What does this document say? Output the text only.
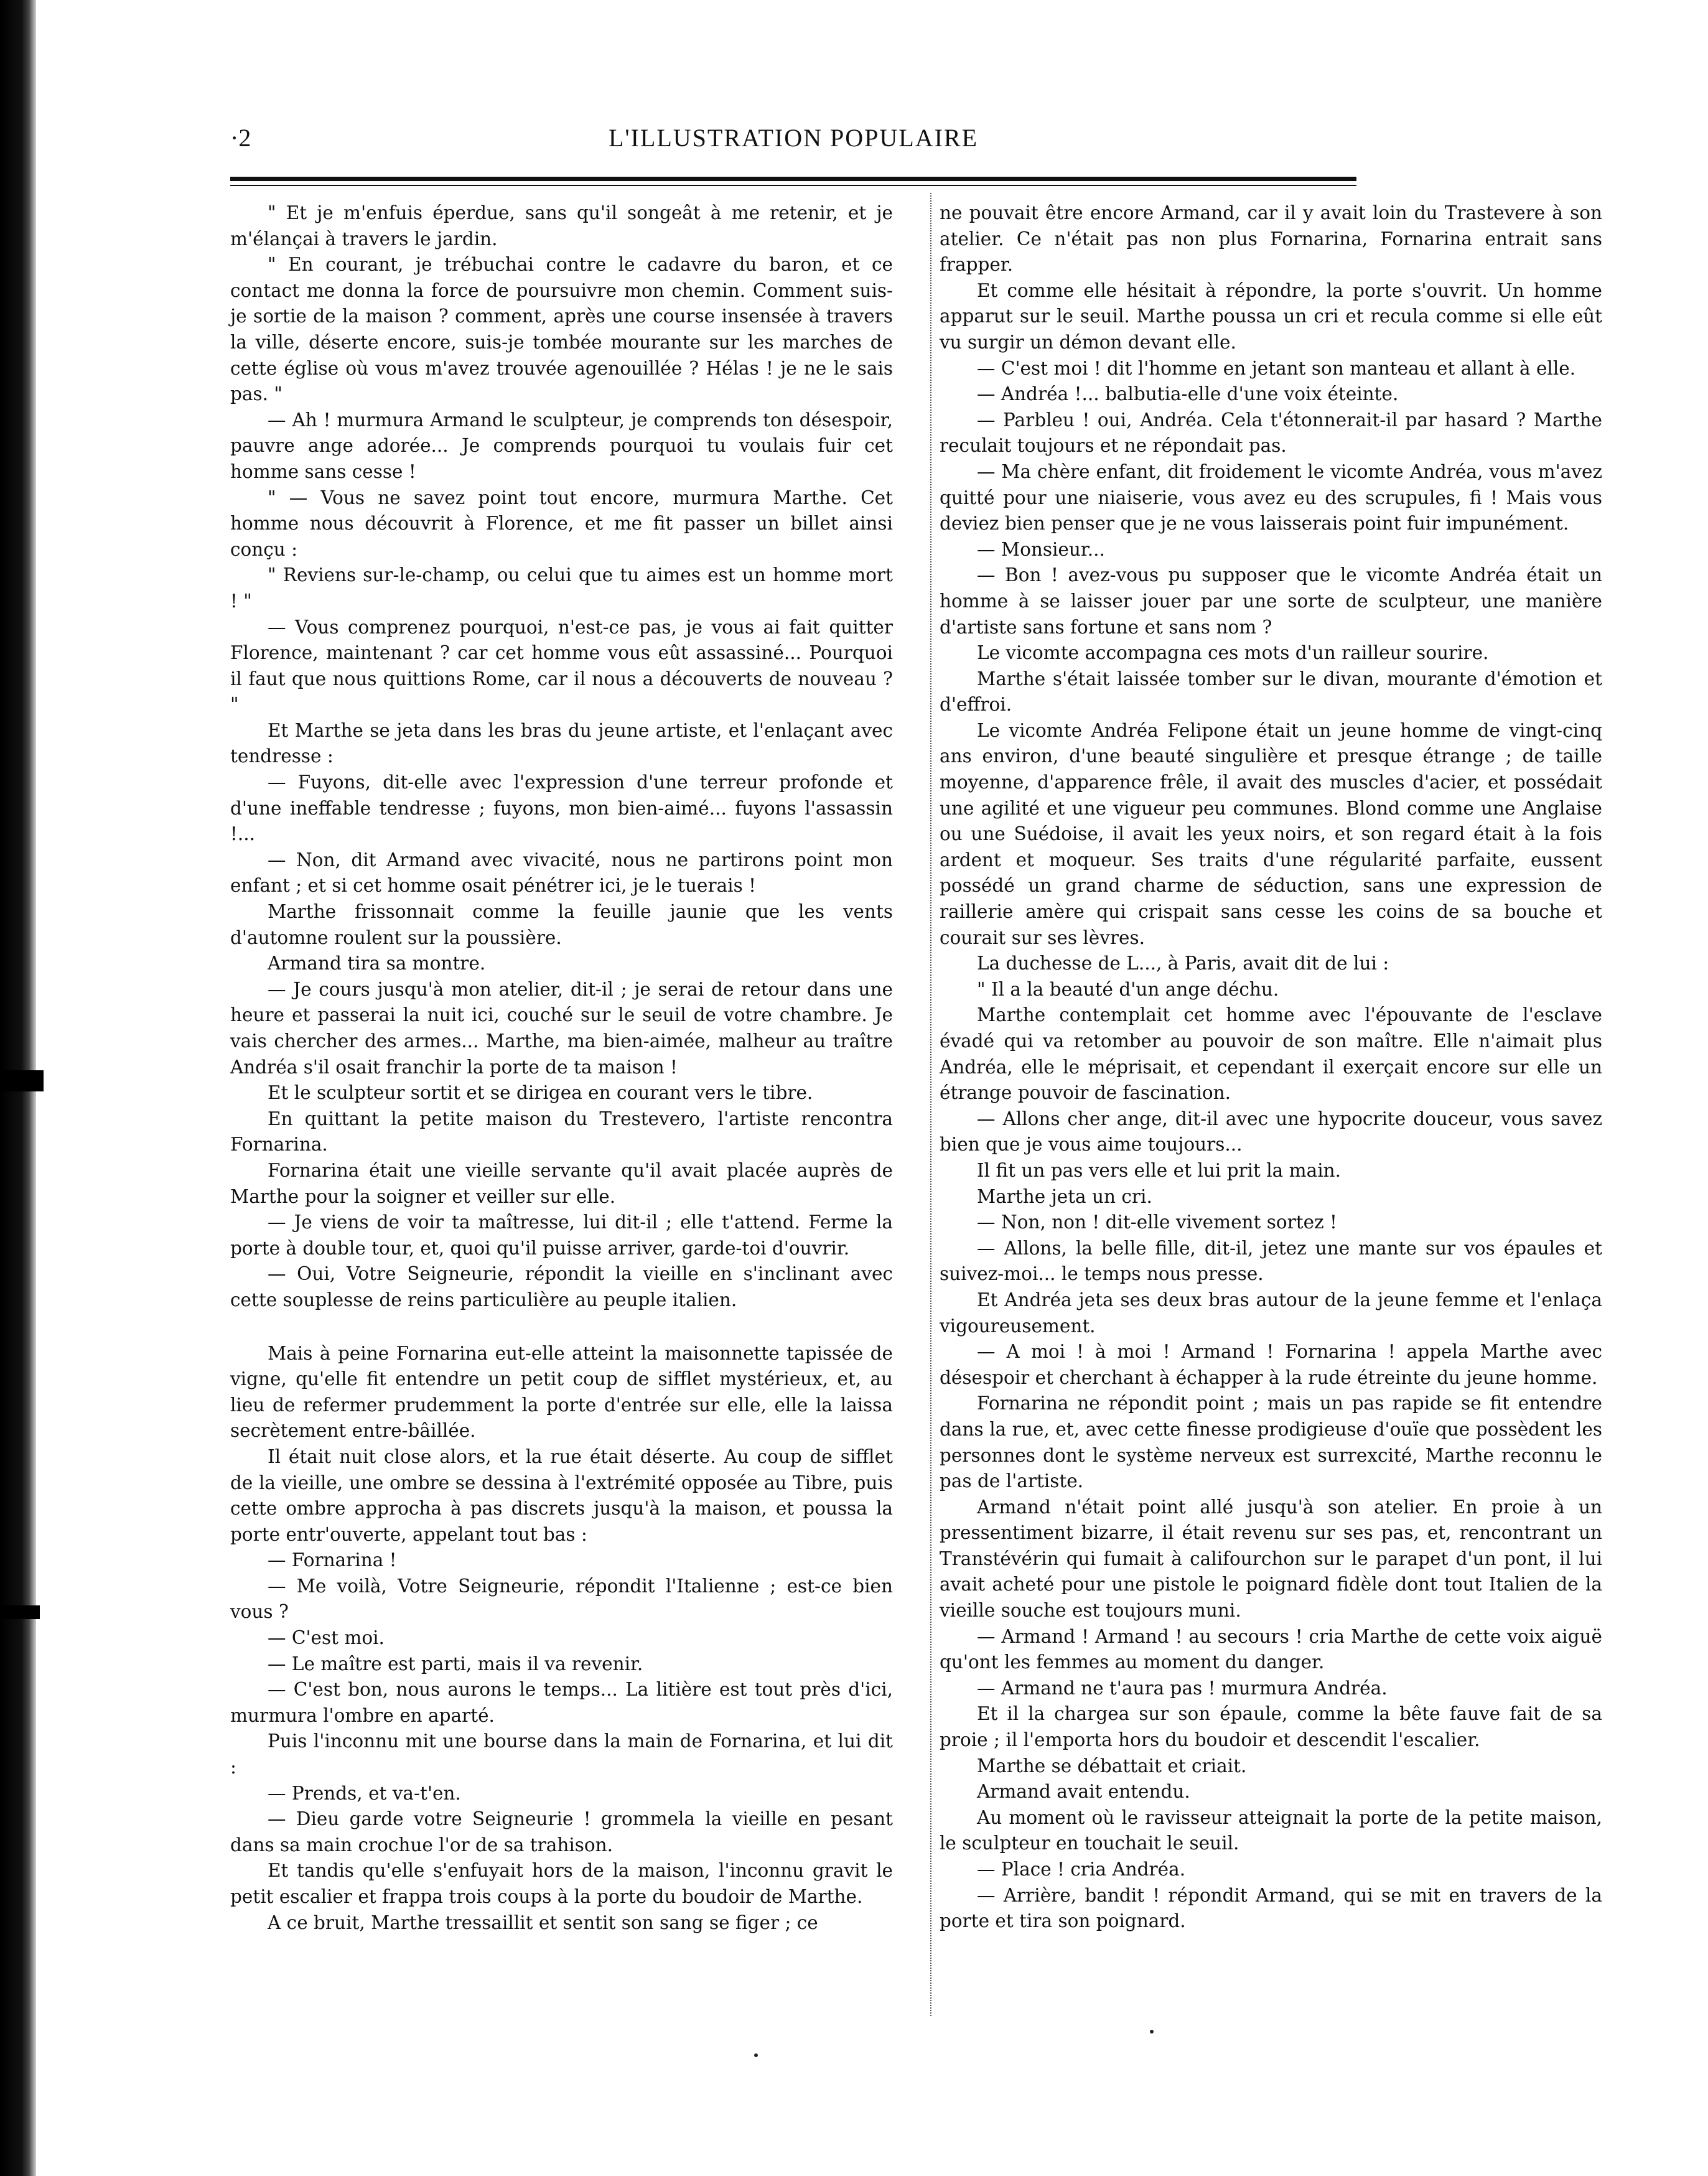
·2	L'ILLUSTRATION POPULAIRE

" Et je m'enfuis éperdue, sans qu'il songeât à me retenir, et je m'élançai à travers le jardin.

" En courant, je trébuchai contre le cadavre du baron, et ce contact me donna la force de poursuivre mon chemin. Comment suis-je sortie de la maison ? comment, après une course insensée à travers la ville, déserte encore, suis-je tombée mourante sur les marches de cette église où vous m'avez trouvée agenouillée ? Hélas ! je ne le sais pas. "

— Ah ! murmura Armand le sculpteur, je comprends ton désespoir, pauvre ange adorée... Je comprends pourquoi tu voulais fuir cet homme sans cesse !

" — Vous ne savez point tout encore, murmura Marthe. Cet homme nous découvrit à Florence, et me fit passer un billet ainsi conçu :

" Reviens sur-le-champ, ou celui que tu aimes est un homme mort ! "

— Vous comprenez pourquoi, n'est-ce pas, je vous ai fait quitter Florence, maintenant ? car cet homme vous eût assassiné... Pourquoi il faut que nous quittions Rome, car il nous a découverts de nouveau ? "

Et Marthe se jeta dans les bras du jeune artiste, et l'enlaçant avec tendresse :

— Fuyons, dit-elle avec l'expression d'une terreur profonde et d'une ineffable tendresse ; fuyons, mon bien-aimé... fuyons l'assassin !...

— Non, dit Armand avec vivacité, nous ne partirons point mon enfant ; et si cet homme osait pénétrer ici, je le tuerais !

Marthe frissonnait comme la feuille jaunie que les vents d'automne roulent sur la poussière.

Armand tira sa montre.

— Je cours jusqu'à mon atelier, dit-il ; je serai de retour dans une heure et passerai la nuit ici, couché sur le seuil de votre chambre. Je vais chercher des armes... Marthe, ma bien-aimée, malheur au traître Andréa s'il osait franchir la porte de ta maison !

Et le sculpteur sortit et se dirigea en courant vers le tibre.

En quittant la petite maison du Trestevero, l'artiste rencontra Fornarina.

Fornarina était une vieille servante qu'il avait placée auprès de Marthe pour la soigner et veiller sur elle.

— Je viens de voir ta maîtresse, lui dit-il ; elle t'attend. Ferme la porte à double tour, et, quoi qu'il puisse arriver, garde-toi d'ouvrir.

— Oui, Votre Seigneurie, répondit la vieille en s'inclinant avec cette souplesse de reins particulière au peuple italien.

Mais à peine Fornarina eut-elle atteint la maisonnette tapissée de vigne, qu'elle fit entendre un petit coup de sifflet mystérieux, et, au lieu de refermer prudemment la porte d'entrée sur elle, elle la laissa secrètement entre-bâillée.

Il était nuit close alors, et la rue était déserte. Au coup de sifflet de la vieille, une ombre se dessina à l'extrémité opposée au Tibre, puis cette ombre approcha à pas discrets jusqu'à la maison, et poussa la porte entr'ouverte, appelant tout bas :

— Fornarina !

— Me voilà, Votre Seigneurie, répondit l'Italienne ; est-ce bien vous ?

— C'est moi.

— Le maître est parti, mais il va revenir.

— C'est bon, nous aurons le temps... La litière est tout près d'ici, murmura l'ombre en aparté.

Puis l'inconnu mit une bourse dans la main de Fornarina, et lui dit :

— Prends, et va-t'en.

— Dieu garde votre Seigneurie ! grommela la vieille en pesant dans sa main crochue l'or de sa trahison.

Et tandis qu'elle s'enfuyait hors de la maison, l'inconnu gravit le petit escalier et frappa trois coups à la porte du boudoir de Marthe.

A ce bruit, Marthe tressaillit et sentit son sang se figer ; ce

ne pouvait être encore Armand, car il y avait loin du Trastevere à son atelier. Ce n'était pas non plus Fornarina, Fornarina entrait sans frapper.

Et comme elle hésitait à répondre, la porte s'ouvrit. Un homme apparut sur le seuil. Marthe poussa un cri et recula comme si elle eût vu surgir un démon devant elle.

— C'est moi ! dit l'homme en jetant son manteau et allant à elle.

— Andréa !... balbutia-elle d'une voix éteinte.

— Parbleu ! oui, Andréa. Cela t'étonnerait-il par hasard ? Marthe reculait toujours et ne répondait pas.

— Ma chère enfant, dit froidement le vicomte Andréa, vous m'avez quitté pour une niaiserie, vous avez eu des scrupules, fi ! Mais vous deviez bien penser que je ne vous laisserais point fuir impunément.

— Monsieur...

— Bon ! avez-vous pu supposer que le vicomte Andréa était un homme à se laisser jouer par une sorte de sculpteur, une manière d'artiste sans fortune et sans nom ?

Le vicomte accompagna ces mots d'un railleur sourire.

Marthe s'était laissée tomber sur le divan, mourante d'émotion et d'effroi.

Le vicomte Andréa Felipone était un jeune homme de vingt-cinq ans environ, d'une beauté singulière et presque étrange ; de taille moyenne, d'apparence frêle, il avait des muscles d'acier, et possédait une agilité et une vigueur peu communes. Blond comme une Anglaise ou une Suédoise, il avait les yeux noirs, et son regard était à la fois ardent et moqueur. Ses traits d'une régularité parfaite, eussent possédé un grand charme de séduction, sans une expression de raillerie amère qui crispait sans cesse les coins de sa bouche et courait sur ses lèvres.

La duchesse de L..., à Paris, avait dit de lui :

" Il a la beauté d'un ange déchu.

Marthe contemplait cet homme avec l'épouvante de l'esclave évadé qui va retomber au pouvoir de son maître. Elle n'aimait plus Andréa, elle le méprisait, et cependant il exerçait encore sur elle un étrange pouvoir de fascination.

— Allons cher ange, dit-il avec une hypocrite douceur, vous savez bien que je vous aime toujours...

Il fit un pas vers elle et lui prit la main.

Marthe jeta un cri.

— Non, non ! dit-elle vivement sortez !

— Allons, la belle fille, dit-il, jetez une mante sur vos épaules et suivez-moi... le temps nous presse.

Et Andréa jeta ses deux bras autour de la jeune femme et l'enlaça vigoureusement.

— A moi ! à moi ! Armand ! Fornarina ! appela Marthe avec désespoir et cherchant à échapper à la rude étreinte du jeune homme.

Fornarina ne répondit point ; mais un pas rapide se fit entendre dans la rue, et, avec cette finesse prodigieuse d'ouïe que possèdent les personnes dont le système nerveux est surrexcité, Marthe reconnu le pas de l'artiste.

Armand n'était point allé jusqu'à son atelier. En proie à un pressentiment bizarre, il était revenu sur ses pas, et, rencontrant un Transtévérin qui fumait à califourchon sur le parapet d'un pont, il lui avait acheté pour une pistole le poignard fidèle dont tout Italien de la vieille souche est toujours muni.

— Armand ! Armand ! au secours ! cria Marthe de cette voix aiguë qu'ont les femmes au moment du danger.

— Armand ne t'aura pas ! murmura Andréa.

Et il la chargea sur son épaule, comme la bête fauve fait de sa proie ; il l'emporta hors du boudoir et descendit l'escalier.

Marthe se débattait et criait.

Armand avait entendu.

Au moment où le ravisseur atteignait la porte de la petite maison, le sculpteur en touchait le seuil.

— Place ! cria Andréa.

— Arrière, bandit ! répondit Armand, qui se mit en travers de la porte et tira son poignard.
